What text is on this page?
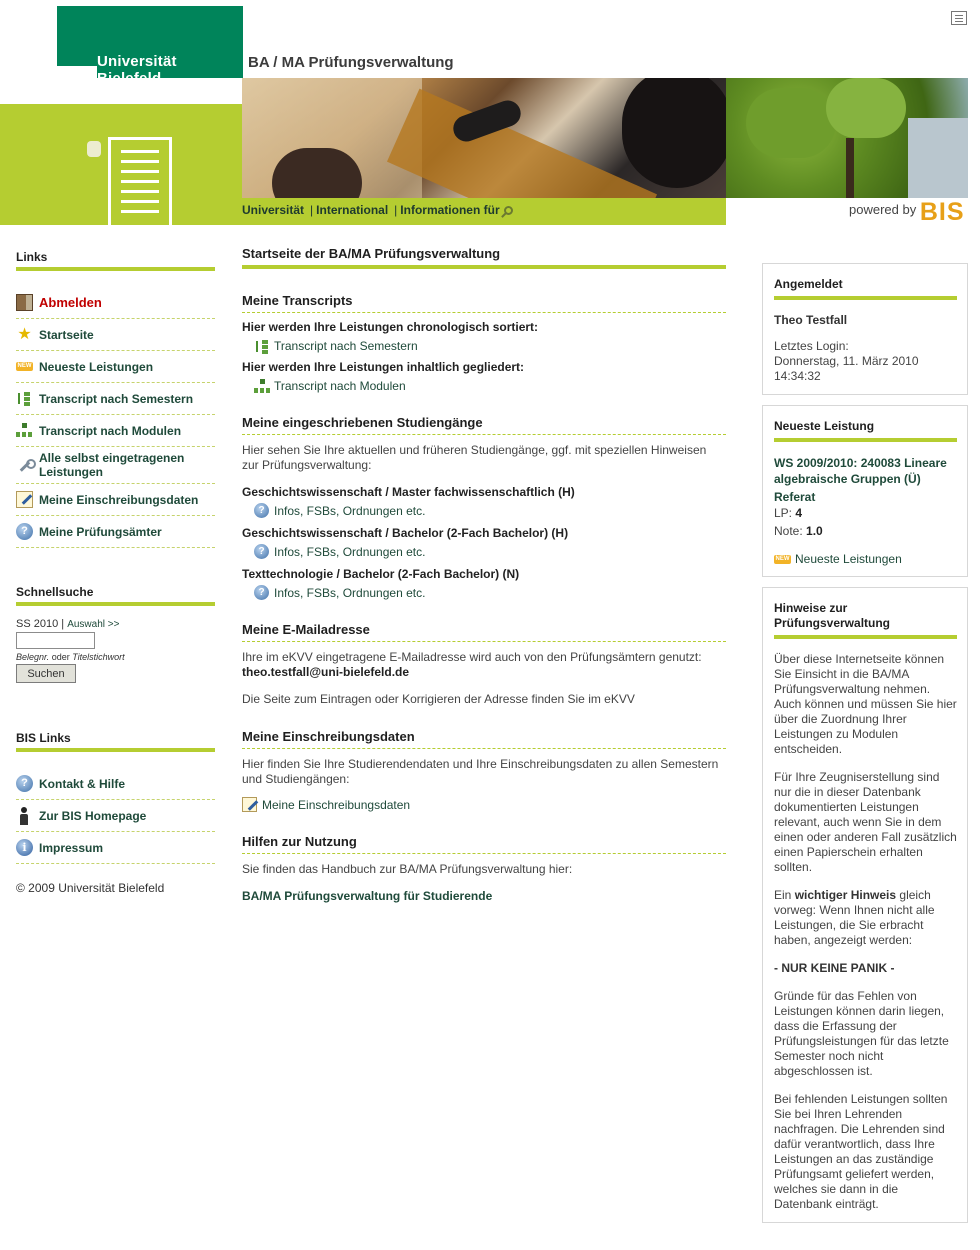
Universität Bielefeld
BA / MA Prüfungsverwaltung
Universität | International | Informationen für	powered by BIS
Links
Abmelden
★ Startseite
NEW Neueste Leistungen
Transcript nach Semestern
Transcript nach Modulen
Alle selbst eingetragenen Leistungen
Meine Einschreibungsdaten
? Meine Prüfungsämter
Schnellsuche
SS 2010 | Auswahl >>
Belegnr. oder Titelstichwort
Suchen
BIS Links
? Kontakt & Hilfe
Zur BIS Homepage
i	Impressum
© 2009 Universität Bielefeld
Startseite der BA/MA Prüfungsverwaltung
Meine Transcripts
Hier werden Ihre Leistungen chronologisch sortiert:
Transcript nach Semestern
Hier werden Ihre Leistungen inhaltlich gegliedert:
Transcript nach Modulen
Meine eingeschriebenen Studiengänge
Hier sehen Sie Ihre aktuellen und früheren Studiengänge, ggf. mit speziellen Hinweisen zur Prüfungsverwaltung:
Geschichtswissenschaft / Master fachwissenschaftlich (H)
? Infos, FSBs, Ordnungen etc.
Geschichtswissenschaft / Bachelor (2-Fach Bachelor) (H)
? Infos, FSBs, Ordnungen etc.
Texttechnologie / Bachelor (2-Fach Bachelor) (N)
? Infos, FSBs, Ordnungen etc.
Meine E-Mailadresse
Ihre im eKVV eingetragene E-Mailadresse wird auch von den Prüfungsämtern genutzt:
theo.testfall@uni-bielefeld.de
Die Seite zum Eintragen oder Korrigieren der Adresse finden Sie im eKVV
Meine Einschreibungsdaten
Hier finden Sie Ihre Studierendendaten und Ihre Einschreibungsdaten zu allen Semestern und Studiengängen:
Meine Einschreibungsdaten
Hilfen zur Nutzung
Sie finden das Handbuch zur BA/MA Prüfungsverwaltung hier:
BA/MA Prüfungsverwaltung für Studierende
Angemeldet

Theo Testfall

Letztes Login:
Donnerstag, 11. März 2010
14:34:32

Neueste Leistung
WS 2009/2010: 240083 Lineare algebraische Gruppen (Ü)
Referat
LP: 4
Note: 1.0
NEW Neueste Leistungen
Hinweise zur Prüfungsverwaltung

Über diese Internetseite können Sie Einsicht in die BA/MA Prüfungsverwaltung nehmen. Auch können und müssen Sie hier über die Zuordnung Ihrer Leistungen zu Modulen entscheiden.

Für Ihre Zeugniserstellung sind nur die in dieser Datenbank dokumentierten Leistungen relevant, auch wenn Sie in dem einen oder anderen Fall zusätzlich einen Papierschein erhalten sollten.

Ein wichtiger Hinweis gleich vorweg: Wenn Ihnen nicht alle Leistungen, die Sie erbracht haben, angezeigt werden:

- NUR KEINE PANIK -

Gründe für das Fehlen von Leistungen können darin liegen, dass die Erfassung der Prüfungsleistungen für das letzte Semester noch nicht abgeschlossen ist.

Bei fehlenden Leistungen sollten Sie bei Ihren Lehrenden nachfragen. Die Lehrenden sind dafür verantwortlich, dass Ihre Leistungen an das zuständige Prüfungsamt geliefert werden, welches sie dann in die Datenbank einträgt.
